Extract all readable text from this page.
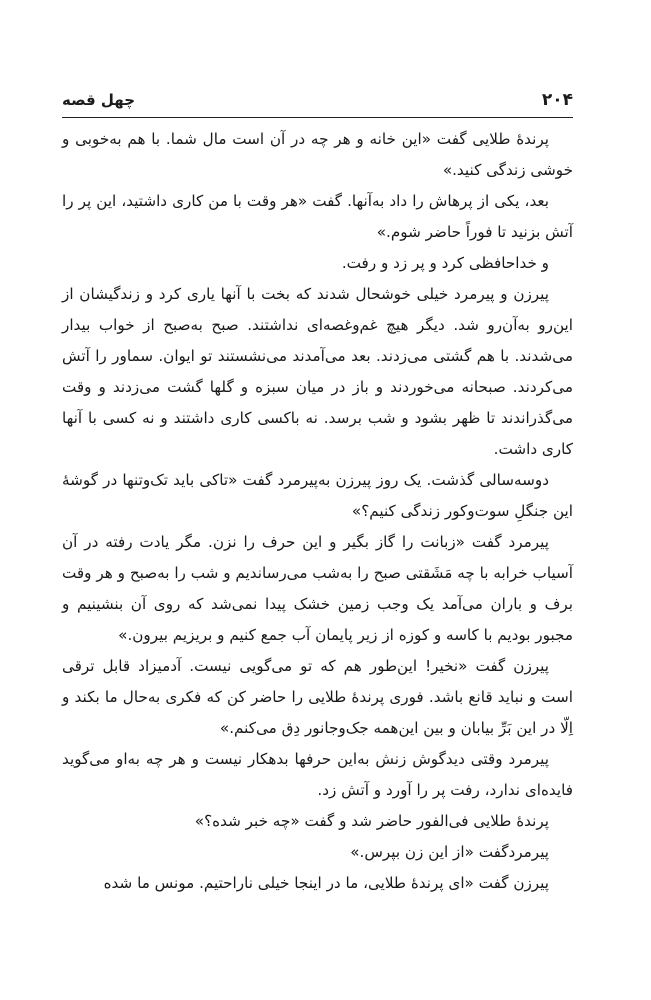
۲۰۴
چهل قصه

پرندهٔ طلایی گفت «این خانه و هر چه در آن است مال شما. با هم به‌خوبی و خوشی زندگی کنید.»

بعد، یکی از پرهاش را داد به‌آنها. گفت «هر وقت با من کاری داشتید، این پر را آتش بزنید تا فوراً حاضر شوم.»

و خداحافظی کرد و پر زد و رفت.

پیرزن و پیرمرد خیلی خوشحال شدند که بخت با آنها یاری کرد و زندگیشان از این‌رو به‌آن‌رو شد. دیگر هیچ غم‌وغصه‌ای نداشتند. صبح به‌صبح از خواب بیدار می‌شدند. با هم گشتی می‌زدند. بعد می‌آمدند می‌نشستند تو ایوان. سماور را آتش می‌کردند. صبحانه می‌خوردند و باز در میان سبزه و گلها گشت می‌زدند و وقت می‌گذراندند تا ظهر بشود و شب برسد. نه باکسی کاری داشتند و نه کسی با آنها کاری داشت.

دوسه‌سالی گذشت. یک روز پیرزن به‌پیرمرد گفت «تاکی باید تک‌وتنها در گوشهٔ این جنگلِ سوت‌وکور زندگی کنیم؟»

پیرمرد گفت «زبانت را گاز بگیر و این حرف را نزن. مگر یادت رفته در آن آسیاب خرابه با چه مَشَقتی صبح را به‌شب می‌رساندیم و شب را به‌صبح و هر وقت برف و باران می‌آمد یک وجب زمین خشک پیدا نمی‌شد که روی آن بنشینیم و مجبور بودیم با کاسه و کوزه از زیر پایمان آب جمع کنیم و بریزیم بیرون.»

پیرزن گفت «نخیر! این‌طور هم که تو می‌گویی نیست. آدمیزاد قابل ترقی است و نباید قانع باشد. فوری پرندهٔ طلایی را حاضر کن که فکری به‌حال ما بکند و اِلّا در این بَرِّ بیابان و بین این‌همه جک‌وجانور دِق می‌کنم.»

پیرمرد وقتی دیدگوش زنش به‌این حرفها بدهکار نیست و هر چه به‌او می‌گوید فایده‌ای ندارد، رفت پر را آورد و آتش زد.

پرندهٔ طلایی فی‌الفور حاضر شد و گفت «چه خبر شده؟»

پیرمردگفت «از این زن بپرس.»

پیرزن گفت «ای پرندهٔ طلایی، ما در اینجا خیلی ناراحتیم. مونس ما شده
